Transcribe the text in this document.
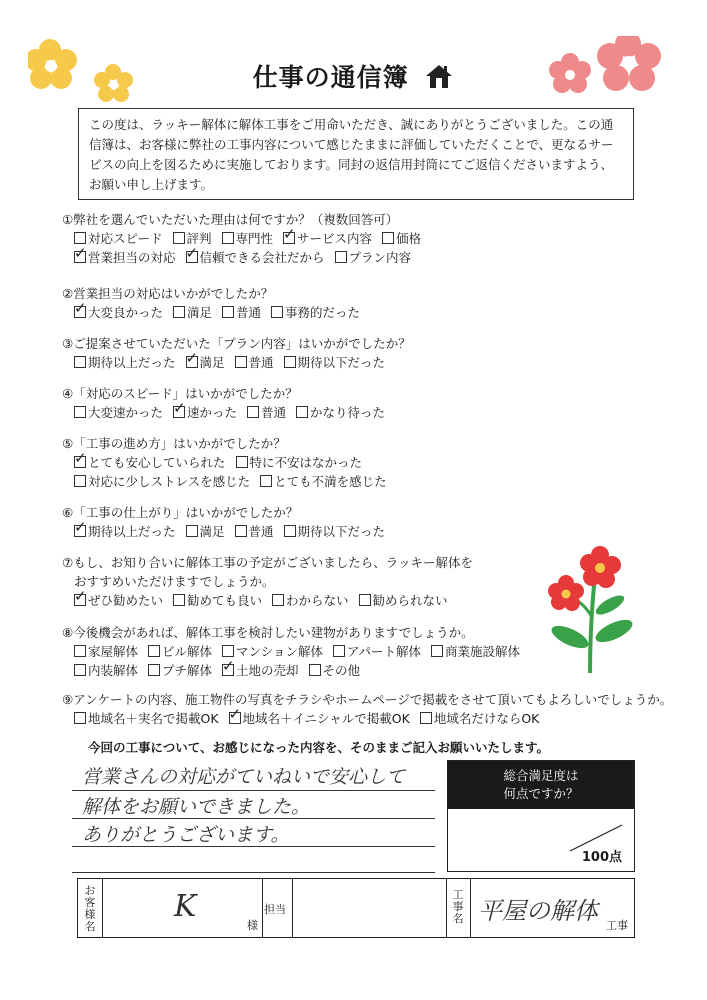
仕事の通信簿
この度は、ラッキー解体に解体工事をご用命いただき、誠にありがとうございました。この通信簿は、お客様に弊社の工事内容について感じたままに評価していただくことで、更なるサービスの向上を図るために実施しております。同封の返信用封筒にてご返信くださいますよう、お願い申し上げます。
①弊社を選んでいただいた理由は何ですか？（複数回答可）
対応スピード 評判 専門性 ✓ サービス内容 価格
✓営業担当の対応 ✓ 信頼できる会社だから プラン内容
②営業担当の対応はいかがでしたか？
✓大変良かった 満足 普通 事務的だった
③ご提案させていただいた「プラン内容」はいかがでしたか？
期待以上だった ✓ 満足 普通 期待以下だった
④「対応のスピード」はいかがでしたか？
大変速かった ✓ 速かった 普通 かなり待った
⑤「工事の進め方」はいかがでしたか？
✓とても安心していられた 特に不安はなかった
対応に少しストレスを感じた とても不満を感じた
⑥「工事の仕上がり」はいかがでしたか？
✓期待以上だった 満足 普通 期待以下だった
⑦もし、お知り合いに解体工事の予定がございましたら、ラッキー解体を
おすすめいただけますでしょうか。
✓ぜひ勧めたい 勧めても良い わからない 勧められない
⑧今後機会があれば、解体工事を検討したい建物がありますでしょうか。
家屋解体 ビル解体 マンション解体 アパート解体 商業施設解体
内装解体 プチ解体 ✓ 土地の売却 その他
⑨アンケートの内容、施工物件の写真をチラシやホームページで掲載をさせて頂いてもよろしいでしょうか。
地域名＋実名で掲載OK ✓ 地域名＋イニシャルで掲載OK 地域名だけならOK
今回の工事について、お感じになった内容を、そのままご記入お願いいたします。
営業さんの対応がていねいで安心して
解体をお願いできました。
ありがとうございます。
総合満足度は
何点ですか？
100点
お客様名
K
様
担当
工事名 平屋の解体
工事
